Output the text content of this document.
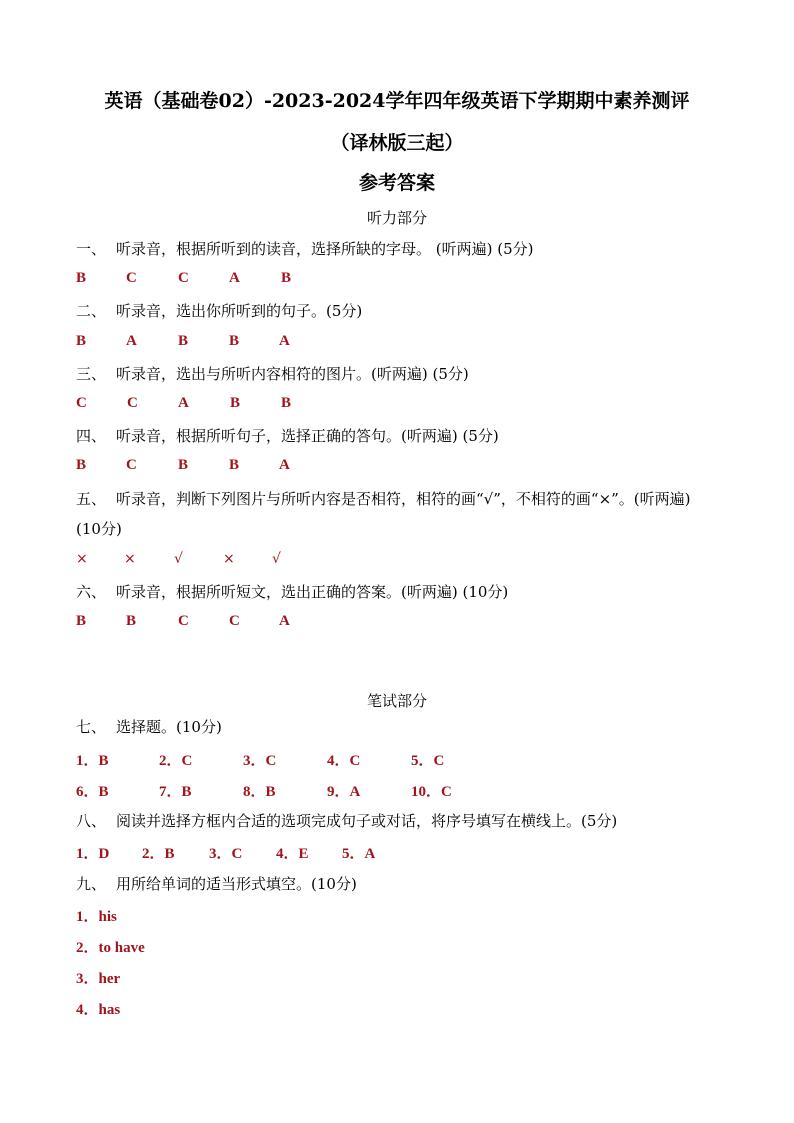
英语（基础卷02）-2023-2024学年四年级英语下学期期中素养测评
（译林版三起）
参考答案
听力部分
一、 听录音，根据所听到的读音，选择所缺的字母。 (听两遍) (5分)
B	C	C	A	B
二、 听录音，选出你所听到的句子。(5分)
B	A	B	B	A
三、 听录音，选出与所听内容相符的图片。(听两遍) (5分)
C	C	A	B	B
四、 听录音，根据所听句子，选择正确的答句。(听两遍) (5分)
B	C	B	B	A
五、 听录音，判断下列图片与所听内容是否相符，相符的画“√”，不相符的画“×”。(听两遍)
(10分)
×	×	√	×	√
六、 听录音，根据所听短文，选出正确的答案。(听两遍) (10分)
B	B	C	C	A
笔试部分
七、 选择题。(10分)
1．B	2．C	3．C	4．C	5．C
6．B	7．B	8．B	9．A	10．C
八、 阅读并选择方框内合适的选项完成句子或对话，将序号填写在横线上。(5分)
1．D 2．B 3．C 4．E 5．A
九、 用所给单词的适当形式填空。(10分)
1．his
2．to have
3．her
4．has
